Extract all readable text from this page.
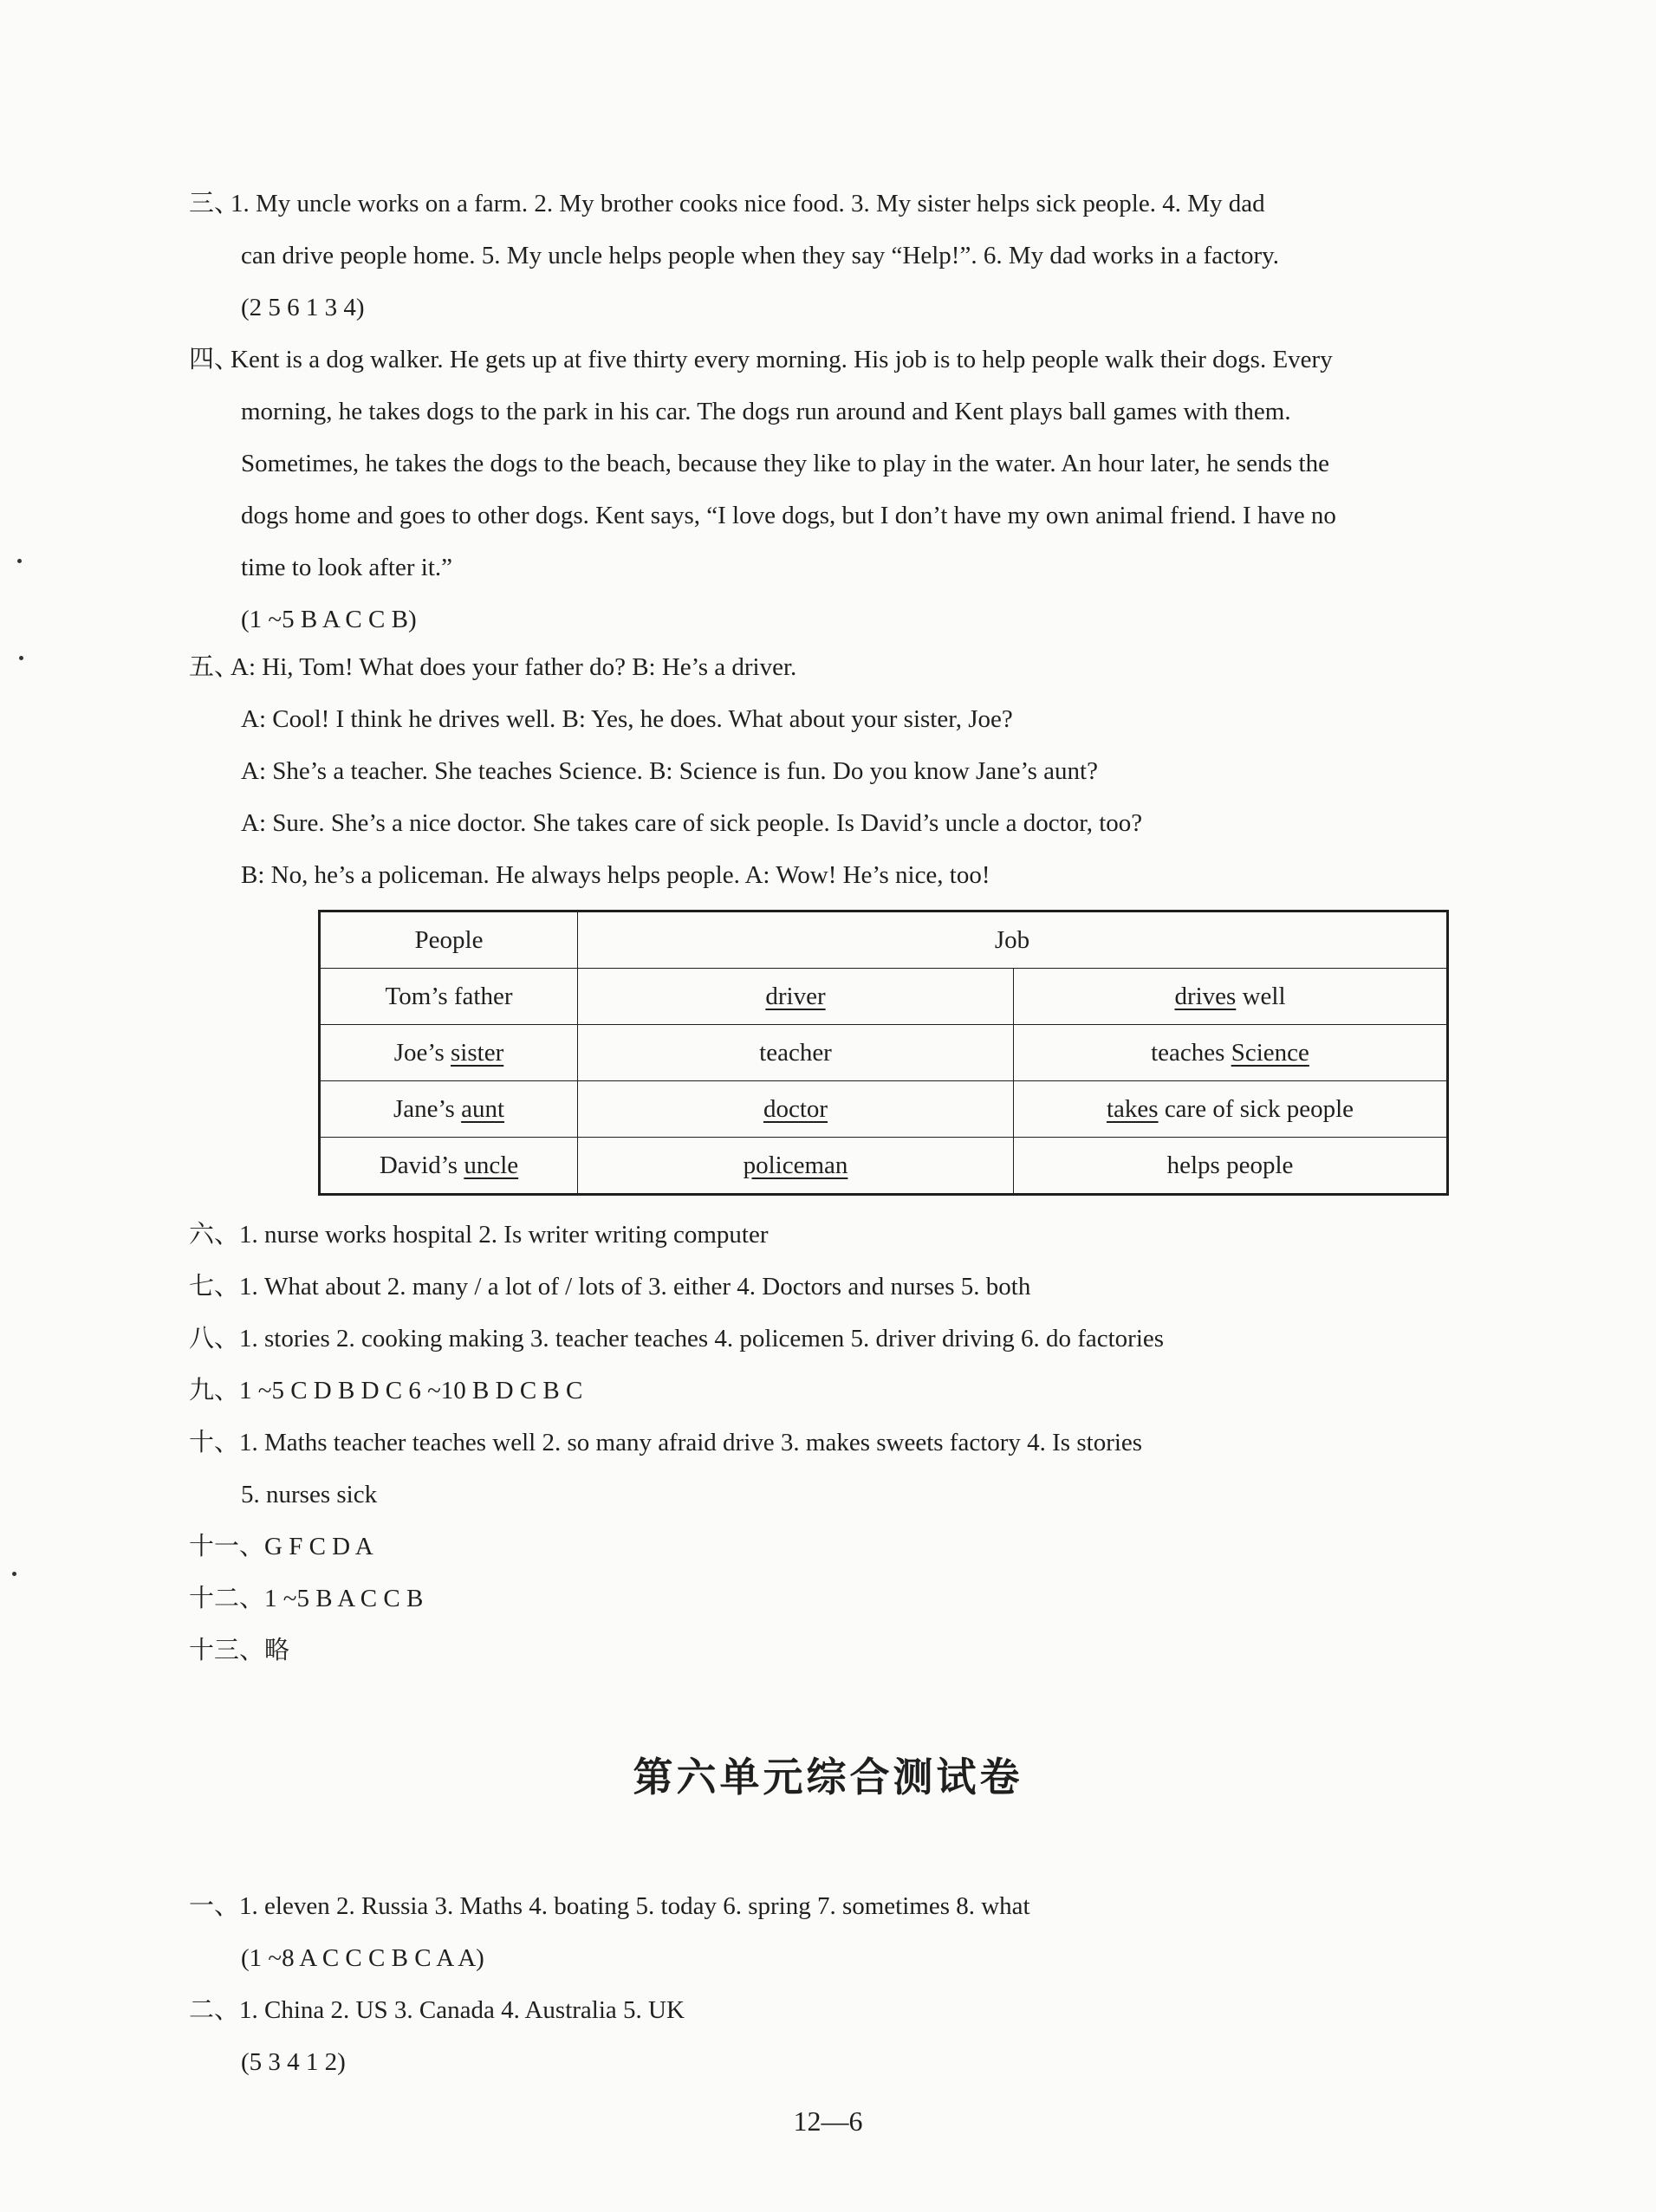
三、
1. My uncle works on a farm. 2. My brother cooks nice food. 3. My sister helps sick people. 4. My dad
can drive people home. 5. My uncle helps people when they say “Help!”. 6. My dad works in a factory.
(2 5 6 1 3 4)
四、
Kent is a dog walker. He gets up at five thirty every morning. His job is to help people walk their dogs. Every
morning, he takes dogs to the park in his car. The dogs run around and Kent plays ball games with them.
Sometimes, he takes the dogs to the beach, because they like to play in the water. An hour later, he sends the
dogs home and goes to other dogs. Kent says, “I love dogs, but I don’t have my own animal friend. I have no
time to look after it.”
(1 ~5 B A C C B)
五、
A: Hi, Tom! What does your father do? B: He’s a driver.
A: Cool! I think he drives well. B: Yes, he does. What about your sister, Joe?
A: She’s a teacher. She teaches Science. B: Science is fun. Do you know Jane’s aunt?
A: Sure. She’s a nice doctor. She takes care of sick people. Is David’s uncle a doctor, too?
B: No, he’s a policeman. He always helps people. A: Wow! He’s nice, too!
People	Job	
Tom’s father	driver	drives well
Joe’s sister	teacher	teaches Science
Jane’s aunt	doctor	takes care of sick people
David’s uncle	policeman	helps people
六、1. nurse works hospital 2. Is writer writing computer
七、1. What about 2. many / a lot of / lots of 3. either 4. Doctors and nurses 5. both
八、1. stories 2. cooking making 3. teacher teaches 4. policemen 5. driver driving 6. do factories
九、1 ~5 C D B D C 6 ~10 B D C B C
十、1. Maths teacher teaches well 2. so many afraid drive 3. makes sweets factory 4. Is stories
5. nurses sick
十一、G F C D A
十二、1 ~5 B A C C B
十三、略
第六单元综合测试卷
一、1. eleven 2. Russia 3. Maths 4. boating 5. today 6. spring 7. sometimes 8. what
(1 ~8 A C C C B C A A)
二、1. China 2. US 3. Canada 4. Australia 5. UK
(5 3 4 1 2)
12—6
